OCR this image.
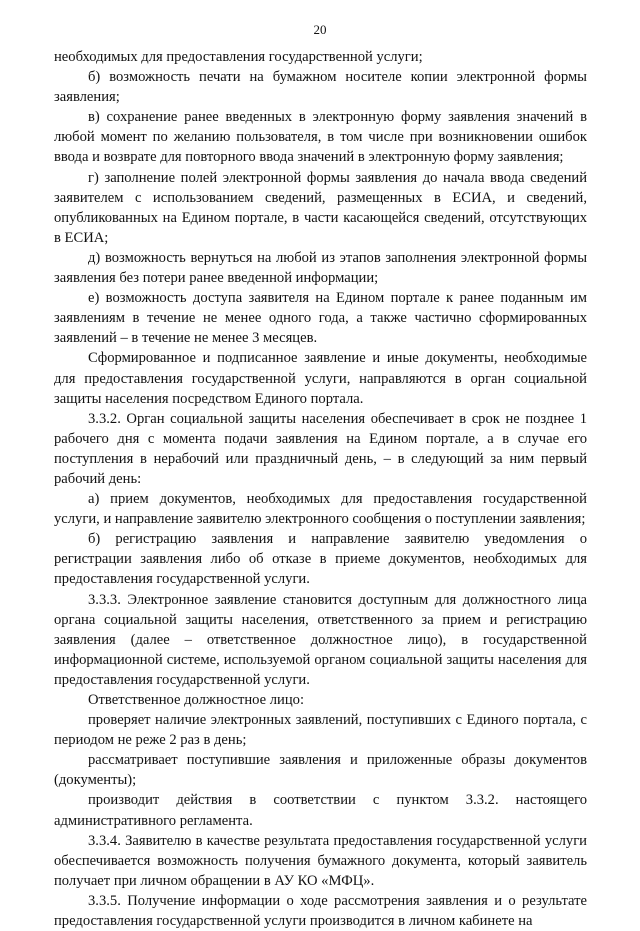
20

необходимых для предоставления государственной услуги;

б) возможность печати на бумажном носителе копии электронной формы заявления;

в) сохранение ранее введенных в электронную форму заявления значений в любой момент по желанию пользователя, в том числе при возникновении ошибок ввода и возврате для повторного ввода значений в электронную форму заявления;

г) заполнение полей электронной формы заявления до начала ввода сведений заявителем с использованием сведений, размещенных в ЕСИА, и сведений, опубликованных на Едином портале, в части касающейся сведений, отсутствующих в ЕСИА;

д) возможность вернуться на любой из этапов заполнения электронной формы заявления без потери ранее введенной информации;

е) возможность доступа заявителя на Едином портале к ранее поданным им заявлениям в течение не менее одного года, а также частично сформированных заявлений – в течение не менее 3 месяцев.

Сформированное и подписанное заявление и иные документы, необходимые для предоставления государственной услуги, направляются в орган социальной защиты населения посредством Единого портала.

3.3.2. Орган социальной защиты населения обеспечивает в срок не позднее 1 рабочего дня с момента подачи заявления на Едином портале, а в случае его поступления в нерабочий или праздничный день, – в следующий за ним первый рабочий день:

а) прием документов, необходимых для предоставления государственной услуги, и направление заявителю электронного сообщения о поступлении заявления;

б) регистрацию заявления и направление заявителю уведомления о регистрации заявления либо об отказе в приеме документов, необходимых для предоставления государственной услуги.

3.3.3. Электронное заявление становится доступным для должностного лица органа социальной защиты населения, ответственного за прием и регистрацию заявления (далее – ответственное должностное лицо), в государственной информационной системе, используемой органом социальной защиты населения для предоставления государственной услуги.

Ответственное должностное лицо:

проверяет наличие электронных заявлений, поступивших с Единого портала, с периодом не реже 2 раз в день;

рассматривает поступившие заявления и приложенные образы документов (документы);

производит действия в соответствии с пунктом 3.3.2. настоящего административного регламента.

3.3.4. Заявителю в качестве результата предоставления государственной услуги обеспечивается возможность получения бумажного документа, который заявитель получает при личном обращении в АУ КО «МФЦ».

3.3.5. Получение информации о ходе рассмотрения заявления и о результате предоставления государственной услуги производится в личном кабинете на
